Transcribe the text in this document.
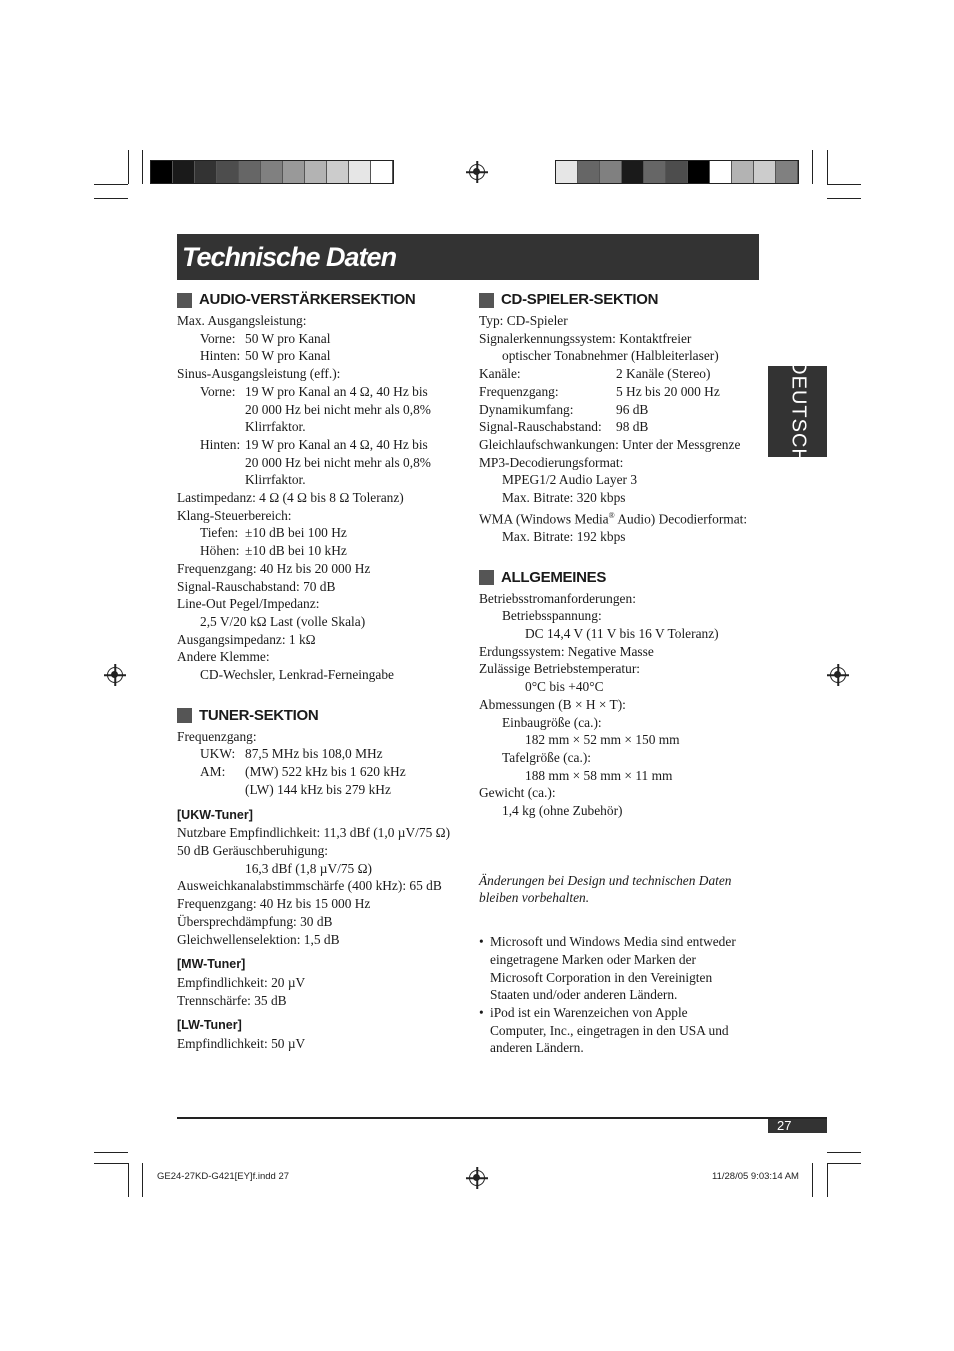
Technische Daten
DEUTSCH
AUDIO-VERSTÄRKERSEKTION
Max. Ausgangsleistung:
Vorne: 50 W pro Kanal
Hinten: 50 W pro Kanal
Sinus-Ausgangsleistung (eff.):
Vorne: 19 W pro Kanal an 4 Ω, 40 Hz bis
20 000 Hz bei nicht mehr als 0,8%
Klirrfaktor.
Hinten: 19 W pro Kanal an 4 Ω, 40 Hz bis
20 000 Hz bei nicht mehr als 0,8%
Klirrfaktor.
Lastimpedanz: 4 Ω (4 Ω bis 8 Ω Toleranz)
Klang-Steuerbereich:
Tiefen: ±10 dB bei 100 Hz
Höhen: ±10 dB bei 10 kHz
Frequenzgang: 40 Hz bis 20 000 Hz
Signal-Rauschabstand: 70 dB
Line-Out Pegel/Impedanz:
2,5 V/20 kΩ Last (volle Skala)
Ausgangsimpedanz: 1 kΩ
Andere Klemme:
CD-Wechsler, Lenkrad-Ferneingabe
TUNER-SEKTION
Frequenzgang:
UKW: 87,5 MHz bis 108,0 MHz
AM: (MW) 522 kHz bis 1 620 kHz
(LW) 144 kHz bis 279 kHz
[UKW-Tuner]
Nutzbare Empfindlichkeit: 11,3 dBf (1,0 µV/75 Ω)
50 dB Geräuschberuhigung:
16,3 dBf (1,8 µV/75 Ω)
Ausweichkanalabstimmschärfe (400 kHz): 65 dB
Frequenzgang: 40 Hz bis 15 000 Hz
Übersprechdämpfung: 30 dB
Gleichwellenselektion: 1,5 dB
[MW-Tuner]
Empfindlichkeit: 20 µV
Trennschärfe: 35 dB
[LW-Tuner]
Empfindlichkeit: 50 µV
CD-SPIELER-SEKTION
Typ: CD-Spieler
Signalerkennungssystem: Kontaktfreier
optischer Tonabnehmer (Halbleiterlaser)
Kanäle:	2 Kanäle (Stereo)
Frequenzgang:	5 Hz bis 20 000 Hz
Dynamikumfang:	96 dB
Signal-Rauschabstand: 98 dB
Gleichlaufschwankungen: Unter der Messgrenze
MP3-Decodierungsformat:
MPEG1/2 Audio Layer 3
Max. Bitrate: 320 kbps
WMA (Windows Media® Audio) Decodierformat:
Max. Bitrate: 192 kbps
ALLGEMEINES
Betriebsstromanforderungen:
Betriebsspannung:
DC 14,4 V (11 V bis 16 V Toleranz)
Erdungssystem: Negative Masse
Zulässige Betriebstemperatur:
0°C bis +40°C
Abmessungen (B × H × T):
Einbaugröße (ca.):
182 mm × 52 mm × 150 mm
Tafelgröße (ca.):
188 mm × 58 mm × 11 mm
Gewicht (ca.):
1,4 kg (ohne Zubehör)
Änderungen bei Design und technischen Daten
bleiben vorbehalten.
• Microsoft und Windows Media sind entweder
eingetragene Marken oder Marken der
Microsoft Corporation in den Vereinigten
Staaten und/oder anderen Ländern.
• iPod ist ein Warenzeichen von Apple
Computer, Inc., eingetragen in den USA und
anderen Ländern.
27
GE24-27KD-G421[EY]f.indd 27	11/28/05 9:03:14 AM
